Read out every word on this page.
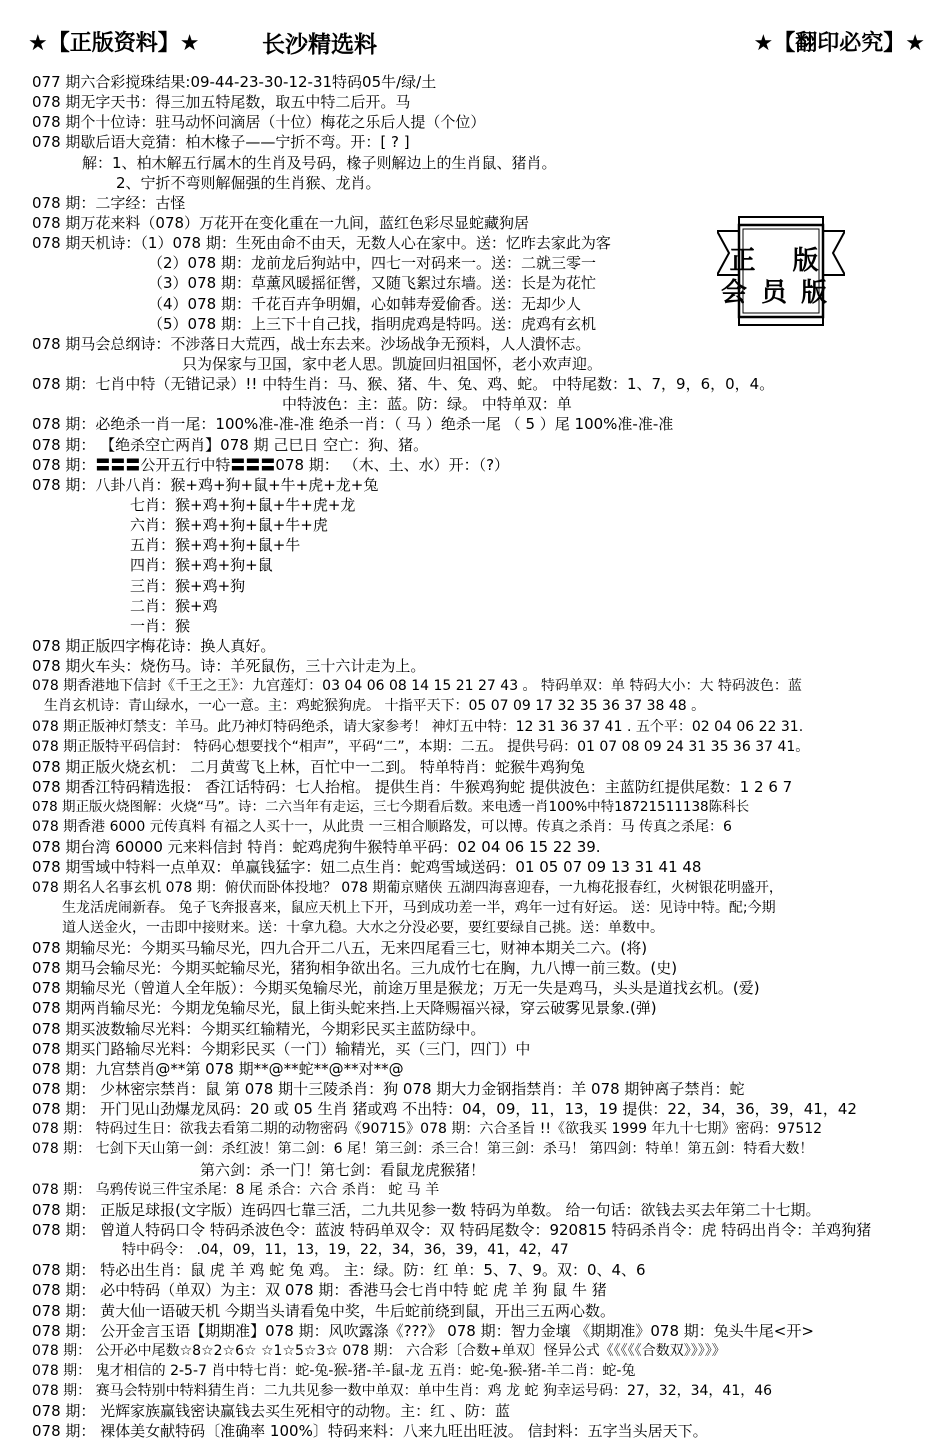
★【正版资料】★	长沙精选料	★【翻印必究】★
正 版
会员版
077 期六合彩搅珠结果:09-44-23-30-12-31特码05牛/绿/土
078 期无字天书：得三加五特尾数，取五中特二后开。马
078 期个十位诗：驻马动怀问滴居（十位）梅花之乐后人提（个位）
078 期歇后语大竞猜：柏木椽子——宁折不弯。开：[ ? ]
解：1、柏木解五行属木的生肖及号码，椽子则解边上的生肖鼠、猪肖。
2、宁折不弯则解倔强的生肖猴、龙肖。
078 期：二字经：古怪
078 期万花来料（078）万花开在变化重在一九间，蓝红色彩尽显蛇藏狗居
078 期天机诗：（1）078 期：生死由命不由天，无数人心在家中。送：忆昨去家此为客
（2）078 期：龙前龙后狗站中，四七一对码来一。送：二就三零一
（3）078 期：草薰风暖摇征辔，又随飞絮过东墙。送：长是为花忙
（4）078 期：千花百卉争明媚，心如韩寿爱偷香。送：无却少人
（5）078 期：上三下十自己找，指明虎鸡是特吗。送：虎鸡有玄机
078 期马会总纲诗：不涉落日大荒西，战士东去来。沙场战争无预料，人人潰怀志。
只为保家与卫国，家中老人思。凯旋回归祖国怀，老小欢声迎。
078 期：七肖中特（无错记录）!! 中特生肖：马、猴、猪、牛、兔、鸡、蛇。 中特尾数：1、7，9，6，0，4。
中特波色：主：蓝。防：绿。 中特单双：单
078 期：必绝杀一肖一尾：100%准-准-准 绝杀一肖：（ 马 ）绝杀一尾 （ 5 ）尾 100%准-准-准
078 期： 【绝杀空亡两肖】078 期 己巳日 空亡：狗、猪。
078 期：〓〓〓公开五行中特〓〓〓078 期： （木、土、水）开：（?）
078 期：八卦八肖：猴+鸡+狗+鼠+牛+虎+龙+兔
七肖：猴+鸡+狗+鼠+牛+虎+龙
六肖：猴+鸡+狗+鼠+牛+虎
五肖：猴+鸡+狗+鼠+牛
四肖：猴+鸡+狗+鼠
三肖：猴+鸡+狗
二肖：猴+鸡
一肖：猴
078 期正版四字梅花诗：换人真好。
078 期火车头：烧伤马。诗：羊死鼠伤，三十六计走为上。
078 期香港地下信封《千王之王》：九宫莲灯：03 04 06 08 14 15 21 27 43 。 特码单双：单 特码大小：大 特码波色：蓝
生肖玄机诗：青山绿水，一心一意。主：鸡蛇猴狗虎。 十指平天下：05 07 09 17 32 35 36 37 38 48 。
078 期正版神灯禁支：羊马。此乃神灯特码绝杀，请大家参考！ 神灯五中特：12 31 36 37 41 . 五个平：02 04 06 22 31.
078 期正版特平码信封： 特码心想要找个“相声”，平码“二”，本期：二五。 提供号码：01 07 08 09 24 31 35 36 37 41。
078 期正版火烧玄机： 二月黄莺飞上林，百忙中一二到。 特单特肖：蛇猴牛鸡狗兔
078 期香江特码精选报： 香江话特码：七人抬棺。 提供生肖：牛猴鸡狗蛇 提供波色：主蓝防红提供尾数：1 2 6 7
078 期正版火烧图解：火烧“马”。诗：二六当年有走运，三七今期看后数。来电透一肖100%中特18721511138陈科长
078 期香港 6000 元传真料 有福之人买十一，从此贵 一三相合顺路发，可以博。传真之杀肖：马 传真之杀尾：6
078 期台湾 60000 元来料信封 特肖：蛇鸡虎狗牛猴特单平码：02 04 06 15 22 39.
078 期雪域中特料一点单双：单赢钱猛字：妞二点生肖：蛇鸡雪域送码：01 05 07 09 13 31 41 48
078 期名人名事玄机 078 期：俯伏而卧体投地？ 078 期葡京赌侠 五湖四海喜迎春，一九梅花报春红，火树银花明盛开，
生龙活虎闹新春。 兔子飞奔报喜来，鼠应天机上下开，马到成功差一半，鸡年一过有好运。 送：见诗中特。配;今期
道人送金火，一击即中接财来。送：十拿九稳。大水之分没必要，要红要绿自己挑。送：单数中。
078 期输尽光：今期买马输尽光，四九合开二八五，无来四尾看三七，财神本期关二六。(将)
078 期马会输尽光：今期买蛇输尽光，猪狗相争欲出名。三九成竹七在胸，九八博一前三数。(史)
078 期输尽光（曾道人全年版）：今期买兔输尽光，前途万里是猴龙；万无一失是鸡马，头头是道找玄机。(爱)
078 期两肖输尽光：今期龙兔输尽光，鼠上街头蛇来挡.上天降赐福兴禄，穿云破雾见景象.(弹)
078 期买波数输尽光料：今期买红输精光，今期彩民买主蓝防绿中。
078 期买门路输尽光料：今期彩民买（一门）输精光，买（三门，四门）中
078 期：九宫禁肖@**第 078 期**@**蛇**@**对**@
078 期： 少林密宗禁肖：鼠 第 078 期十三陵杀肖：狗 078 期大力金钢指禁肖：羊 078 期钟离子禁肖：蛇
078 期： 开门见山劲爆龙凤码：20 或 05 生肖 猪或鸡 不出特：04，09，11，13，19 提供：22，34，36，39，41，42
078 期： 特码过生日：欲我去看第二期的动物密码《90715》078 期：六合圣旨 !!《欲我买 1999 年九十七期》密码：97512
078 期： 七剑下天山第一剑：杀红波！第二剑：6 尾！第三剑：杀三合！第三剑：杀马！ 第四剑：特单！第五剑：特看大数！
第六剑：杀一门！第七剑：看鼠龙虎猴猪！
078 期： 乌鸦传说三件宝杀尾：8 尾 杀合：六合 杀肖： 蛇 马 羊
078 期： 正版足球报(文字版）连码四七靠三活，二九共见参一数 特码为单数。 给一句话：欲钱去买去年第二十七期。
078 期： 曾道人特码口令 特码杀波色令：蓝波 特码单双令：双 特码尾数令：920815 特码杀肖令：虎 特码出肖令：羊鸡狗猪
特中码令： .04，09，11，13，19，22，34，36，39，41，42，47
078 期： 特必出生肖：鼠 虎 羊 鸡 蛇 兔 鸡。 主：绿。防：红 单：5、7、9。双：0、4、6
078 期： 必中特码（单双）为主：双 078 期：香港马会七肖中特 蛇 虎 羊 狗 鼠 牛 猪
078 期： 黄大仙一语破天机 今期当头请看兔中奖，牛后蛇前绕到鼠，开出三五两心数。
078 期： 公开金言玉语【期期准】078 期：风吹露涤《???》 078 期：智力金壤 《期期准》078 期：兔头牛尾<开>
078 期： 公开必中尾数☆8☆2☆6☆ ☆1☆5☆3☆ 078 期： 六合彩〔合数+单双〕怪异公式《《《《《合数双》》》》》
078 期： 鬼才相信的 2-5-7 肖中特七肖：蛇-兔-猴-猪-羊-鼠-龙 五肖：蛇-兔-猴-猪-羊二肖：蛇-兔
078 期： 赛马会特别中特料猜生肖：二九共见参一数中单双：单中生肖：鸡 龙 蛇 狗幸运号码：27，32，34，41，46
078 期： 光辉家族赢钱密诀赢钱去买生死相守的动物。主：红 、防：蓝
078 期： 裸体美女献特码〔准确率 100%〕特码来料：八来九旺出旺波。 信封料：五字当头居天下。
